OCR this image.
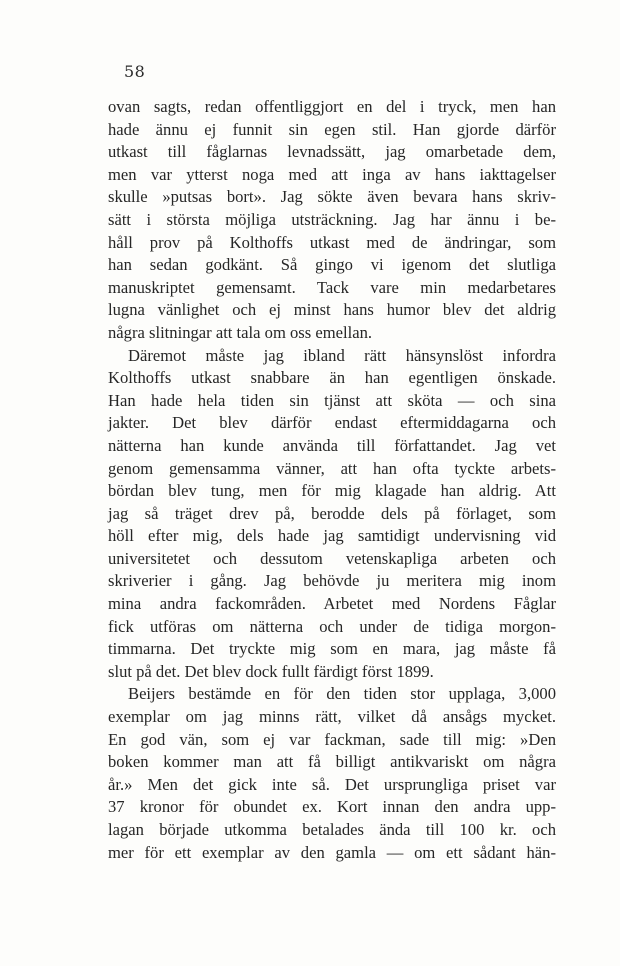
58
ovan sagts, redan offentliggjort en del i tryck, men han
hade ännu ej funnit sin egen stil. Han gjorde därför
utkast till fåglarnas levnadssätt, jag omarbetade dem,
men var ytterst noga med att inga av hans iakttagelser
skulle »putsas bort». Jag sökte även bevara hans skriv-
sätt i största möjliga utsträckning. Jag har ännu i be-
håll prov på Kolthoffs utkast med de ändringar, som
han sedan godkänt. Så gingo vi igenom det slutliga
manuskriptet gemensamt. Tack vare min medarbetares
lugna vänlighet och ej minst hans humor blev det aldrig
några slitningar att tala om oss emellan.
Däremot måste jag ibland rätt hänsynslöst infordra
Kolthoffs utkast snabbare än han egentligen önskade.
Han hade hela tiden sin tjänst att sköta — och sina
jakter. Det blev därför endast eftermiddagarna och
nätterna han kunde använda till författandet. Jag vet
genom gemensamma vänner, att han ofta tyckte arbets-
bördan blev tung, men för mig klagade han aldrig. Att
jag så träget drev på, berodde dels på förlaget, som
höll efter mig, dels hade jag samtidigt undervisning vid
universitetet och dessutom vetenskapliga arbeten och
skriverier i gång. Jag behövde ju meritera mig inom
mina andra fackområden. Arbetet med Nordens Fåglar
fick utföras om nätterna och under de tidiga morgon-
timmarna. Det tryckte mig som en mara, jag måste få
slut på det. Det blev dock fullt färdigt först 1899.
Beijers bestämde en för den tiden stor upplaga, 3,000
exemplar om jag minns rätt, vilket då ansågs mycket.
En god vän, som ej var fackman, sade till mig: »Den
boken kommer man att få billigt antikvariskt om några
år.» Men det gick inte så. Det ursprungliga priset var
37 kronor för obundet ex. Kort innan den andra upp-
lagan började utkomma betalades ända till 100 kr. och
mer för ett exemplar av den gamla — om ett sådant hän-
